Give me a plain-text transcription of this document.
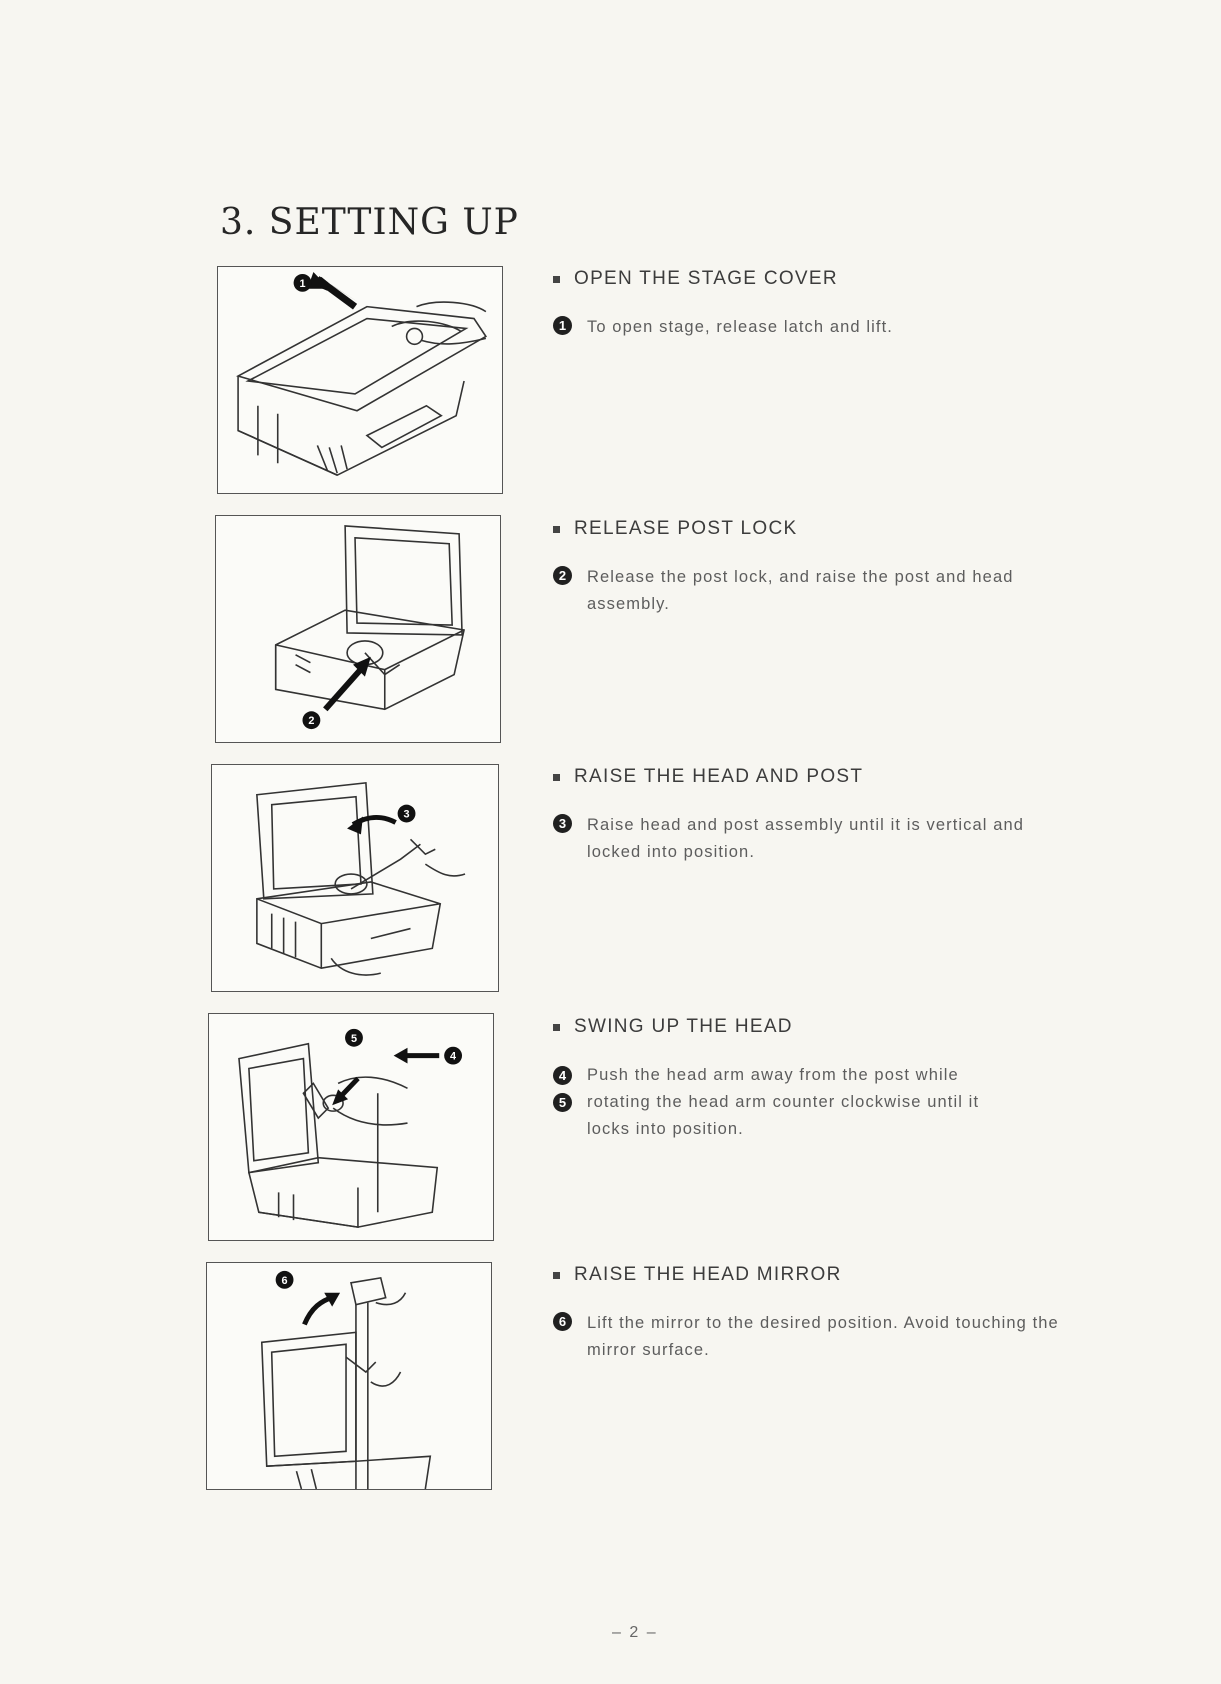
3. SETTING UP
1
2
3
5
4
6
OPEN THE STAGE COVER
1	To open stage, release latch and lift.
RELEASE POST LOCK
2	Release the post lock, and raise the post and head assembly.
RAISE THE HEAD AND POST
3	Raise head and post assembly until it is vertical and locked into position.
SWING UP THE HEAD
4	Push the head arm away from the post while
5	rotating the head arm counter clockwise until it
locks into position.
RAISE THE HEAD MIRROR
6	Lift the mirror to the desired position. Avoid touching the mirror surface.
– 2 –
